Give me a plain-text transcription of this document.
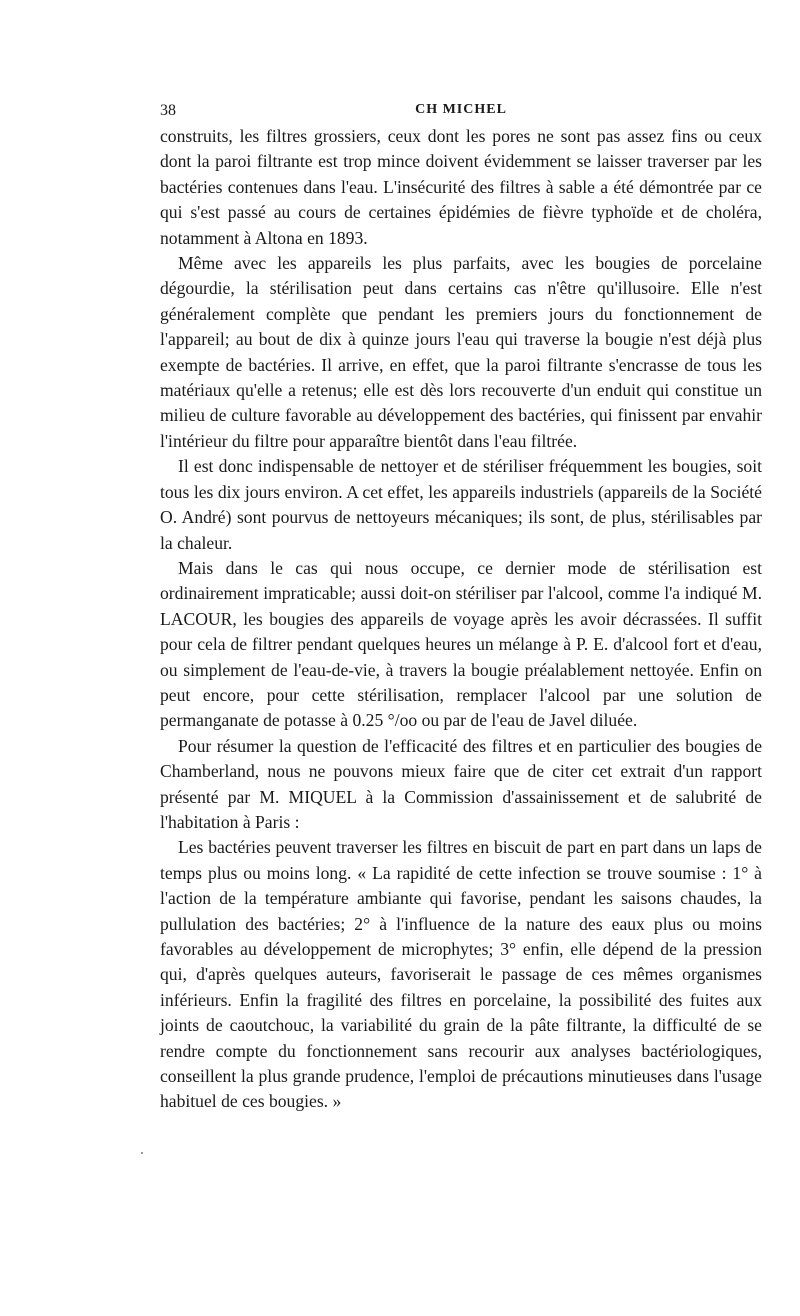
38	CH MICHEL

construits, les filtres grossiers, ceux dont les pores ne sont pas assez fins ou ceux dont la paroi filtrante est trop mince doivent évidemment se laisser traverser par les bactéries contenues dans l'eau. L'insécurité des filtres à sable a été démontrée par ce qui s'est passé au cours de certaines épidémies de fièvre typhoïde et de choléra, notamment à Altona en 1893.

Même avec les appareils les plus parfaits, avec les bougies de porcelaine dégourdie, la stérilisation peut dans certains cas n'être qu'illusoire. Elle n'est généralement complète que pendant les premiers jours du fonctionnement de l'appareil; au bout de dix à quinze jours l'eau qui traverse la bougie n'est déjà plus exempte de bactéries. Il arrive, en effet, que la paroi filtrante s'encrasse de tous les matériaux qu'elle a retenus; elle est dès lors recouverte d'un enduit qui constitue un milieu de culture favorable au développement des bactéries, qui finissent par envahir l'intérieur du filtre pour apparaître bientôt dans l'eau filtrée.

Il est donc indispensable de nettoyer et de stériliser fréquemment les bougies, soit tous les dix jours environ. A cet effet, les appareils industriels (appareils de la Société O. André) sont pourvus de nettoyeurs mécaniques; ils sont, de plus, stérilisables par la chaleur.

Mais dans le cas qui nous occupe, ce dernier mode de stérilisation est ordinairement impraticable; aussi doit-on stériliser par l'alcool, comme l'a indiqué M. LACOUR, les bougies des appareils de voyage après les avoir décrassées. Il suffit pour cela de filtrer pendant quelques heures un mélange à P. E. d'alcool fort et d'eau, ou simplement de l'eau-de-vie, à travers la bougie préalablement nettoyée. Enfin on peut encore, pour cette stérilisation, remplacer l'alcool par une solution de permanganate de potasse à 0.25 °/oo ou par de l'eau de Javel diluée.

Pour résumer la question de l'efficacité des filtres et en particulier des bougies de Chamberland, nous ne pouvons mieux faire que de citer cet extrait d'un rapport présenté par M. MIQUEL à la Commission d'assainissement et de salubrité de l'habitation à Paris :

Les bactéries peuvent traverser les filtres en biscuit de part en part dans un laps de temps plus ou moins long. « La rapidité de cette infection se trouve soumise : 1° à l'action de la température ambiante qui favorise, pendant les saisons chaudes, la pullulation des bactéries; 2° à l'influence de la nature des eaux plus ou moins favorables au développement de microphytes; 3° enfin, elle dépend de la pression qui, d'après quelques auteurs, favoriserait le passage de ces mêmes organismes inférieurs. Enfin la fragilité des filtres en porcelaine, la possibilité des fuites aux joints de caoutchouc, la variabilité du grain de la pâte filtrante, la difficulté de se rendre compte du fonctionnement sans recourir aux analyses bactériologiques, conseillent la plus grande prudence, l'emploi de précautions minutieuses dans l'usage habituel de ces bougies. »
